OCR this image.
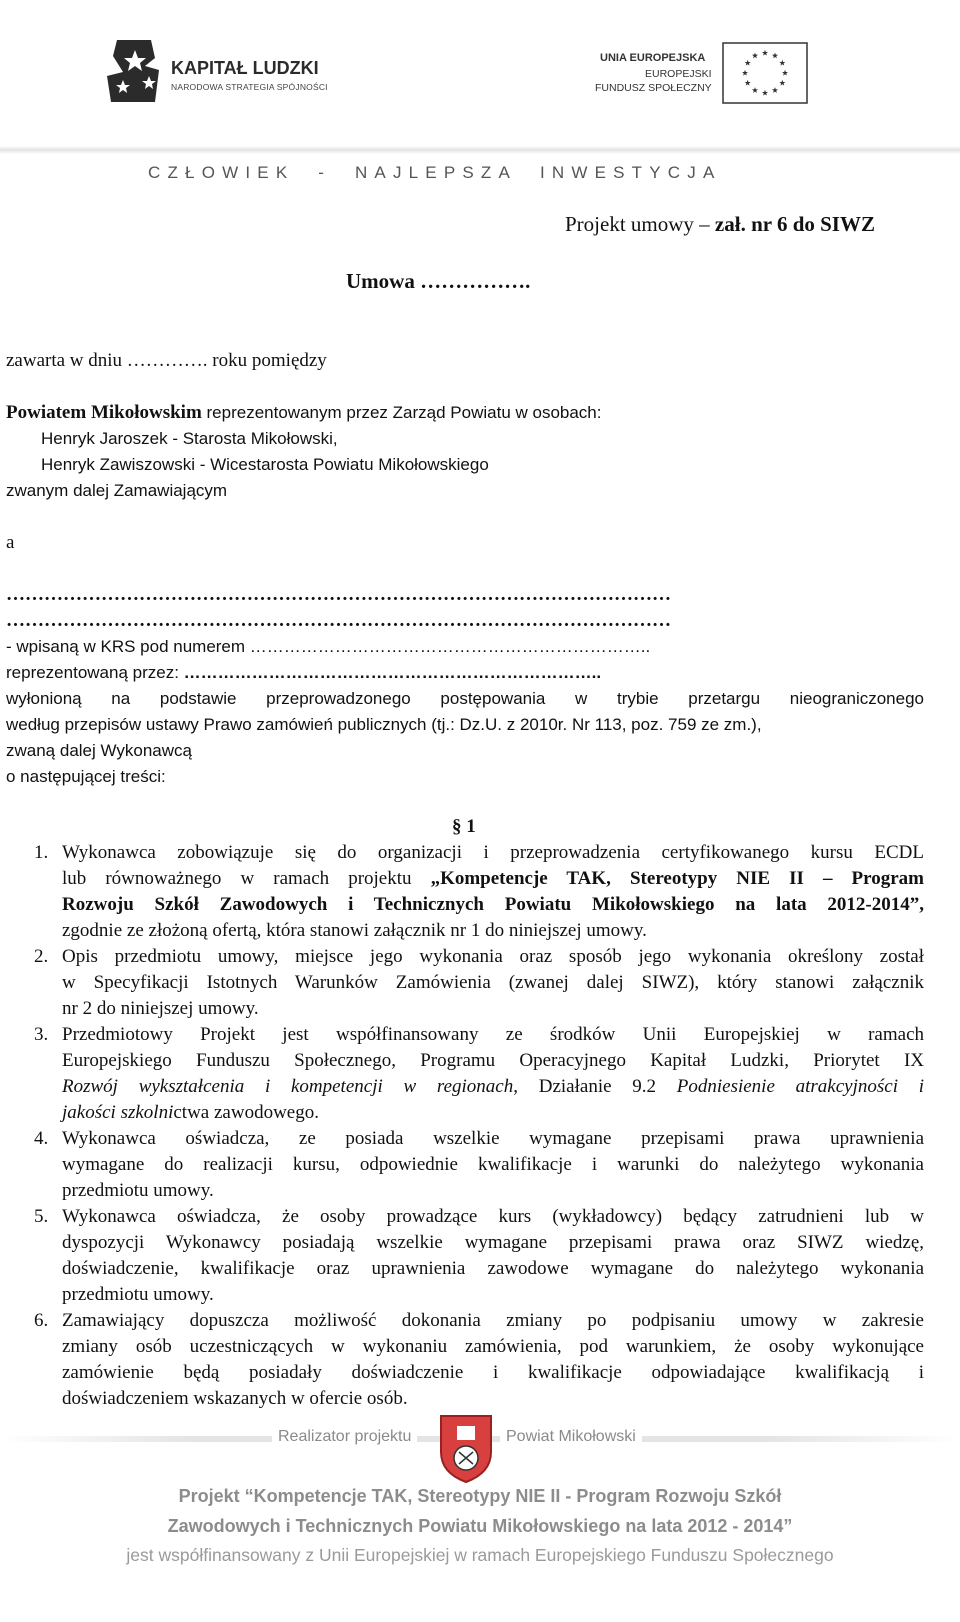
KAPITAŁ LUDZKI
NARODOWA STRATEGIA SPÓJNOŚCI
UNIA EUROPEJSKA
EUROPEJSKI
FUNDUSZ SPOŁECZNY
CZŁOWIEK  -  NAJLEPSZA  INWESTYCJA
Projekt umowy – zał. nr 6 do SIWZ
Umowa …………….
zawarta w dniu …………. roku pomiędzy
Powiatem Mikołowskim reprezentowanym przez Zarząd Powiatu w osobach:
Henryk Jaroszek - Starosta Mikołowski,
Henryk Zawiszowski - Wicestarosta Powiatu Mikołowskiego
zwanym dalej Zamawiającym
a
……………………………………………………………………………………………
……………………………………………………………………………………………
- wpisaną w KRS pod numerem ……………………………………………………………..
reprezentowaną przez: ………………………………………………………………..
wyłonioną na podstawie przeprowadzonego postępowania w trybie przetargu nieograniczonego
według przepisów ustawy Prawo zamówień publicznych (tj.: Dz.U. z 2010r. Nr 113, poz. 759 ze zm.),
zwaną dalej Wykonawcą
o następującej treści:
§ 1
1. Wykonawca zobowiązuje się do organizacji i przeprowadzenia certyfikowanego kursu ECDL
lub równoważnego w ramach projektu „Kompetencje TAK, Stereotypy NIE II – Program
Rozwoju Szkół Zawodowych i Technicznych Powiatu Mikołowskiego na lata 2012-2014”,
zgodnie ze złożoną ofertą, która stanowi załącznik nr 1 do niniejszej umowy.
2. Opis przedmiotu umowy, miejsce jego wykonania oraz sposób jego wykonania określony został
w Specyfikacji Istotnych Warunków Zamówienia (zwanej dalej SIWZ), który stanowi załącznik
nr 2 do niniejszej umowy.
3. Przedmiotowy Projekt jest współfinansowany ze środków Unii Europejskiej w ramach
Europejskiego Funduszu Społecznego, Programu Operacyjnego Kapitał Ludzki, Priorytet IX
Rozwój wykształcenia i kompetencji w regionach, Działanie 9.2 Podniesienie atrakcyjności i
jakości szkolnictwa zawodowego.
4. Wykonawca oświadcza, ze posiada wszelkie wymagane przepisami prawa uprawnienia
wymagane do realizacji kursu, odpowiednie kwalifikacje i warunki do należytego wykonania
przedmiotu umowy.
5. Wykonawca oświadcza, że osoby prowadzące kurs (wykładowcy) będący zatrudnieni lub w
dyspozycji Wykonawcy posiadają wszelkie wymagane przepisami prawa oraz SIWZ wiedzę,
doświadczenie, kwalifikacje oraz uprawnienia zawodowe wymagane do należytego wykonania
przedmiotu umowy.
6. Zamawiający dopuszcza możliwość dokonania zmiany po podpisaniu umowy w zakresie
zmiany osób uczestniczących w wykonaniu zamówienia, pod warunkiem, że osoby wykonujące
zamówienie będą posiadały doświadczenie i kwalifikacje odpowiadające kwalifikacją i
doświadczeniem wskazanych w ofercie osób.
Realizator projektu	Powiat Mikołowski
Projekt “Kompetencje TAK, Stereotypy NIE II - Program Rozwoju Szkół
Zawodowych i Technicznych Powiatu Mikołowskiego na lata 2012 - 2014”
jest współfinansowany z Unii Europejskiej w ramach Europejskiego Funduszu Społecznego
